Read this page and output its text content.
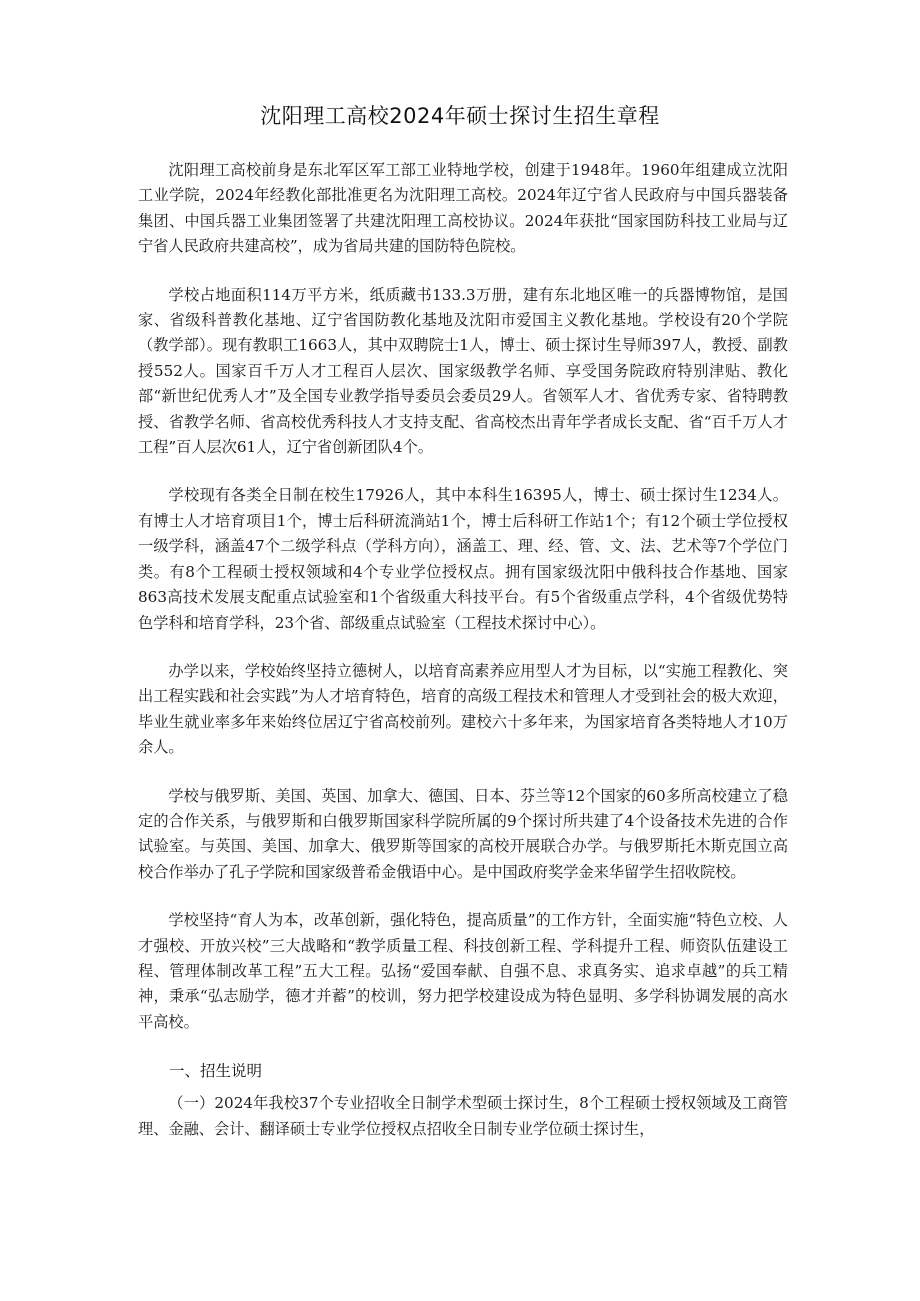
沈阳理工高校2024年硕士探讨生招生章程

沈阳理工高校前身是东北军区军工部工业特地学校，创建于1948年。1960年组建成立沈阳工业学院，2024年经教化部批准更名为沈阳理工高校。2024年辽宁省人民政府与中国兵器装备集团、中国兵器工业集团签署了共建沈阳理工高校协议。2024年获批“国家国防科技工业局与辽宁省人民政府共建高校”，成为省局共建的国防特色院校。

学校占地面积114万平方米，纸质藏书133.3万册，建有东北地区唯一的兵器博物馆，是国家、省级科普教化基地、辽宁省国防教化基地及沈阳市爱国主义教化基地。学校设有20个学院（教学部）。现有教职工1663人，其中双聘院士1人，博士、硕士探讨生导师397人，教授、副教授552人。国家百千万人才工程百人层次、国家级教学名师、享受国务院政府特别津贴、教化部“新世纪优秀人才”及全国专业教学指导委员会委员29人。省领军人才、省优秀专家、省特聘教授、省教学名师、省高校优秀科技人才支持支配、省高校杰出青年学者成长支配、省“百千万人才工程”百人层次61人，辽宁省创新团队4个。

学校现有各类全日制在校生17926人，其中本科生16395人，博士、硕士探讨生1234人。有博士人才培育项目1个，博士后科研流淌站1个，博士后科研工作站1个；有12个硕士学位授权一级学科，涵盖47个二级学科点（学科方向），涵盖工、理、经、管、文、法、艺术等7个学位门类。有8个工程硕士授权领域和4个专业学位授权点。拥有国家级沈阳中俄科技合作基地、国家863高技术发展支配重点试验室和1个省级重大科技平台。有5个省级重点学科，4个省级优势特色学科和培育学科，23个省、部级重点试验室（工程技术探讨中心）。

办学以来，学校始终坚持立德树人，以培育高素养应用型人才为目标，以“实施工程教化、突出工程实践和社会实践”为人才培育特色，培育的高级工程技术和管理人才受到社会的极大欢迎，毕业生就业率多年来始终位居辽宁省高校前列。建校六十多年来，为国家培育各类特地人才10万余人。

学校与俄罗斯、美国、英国、加拿大、德国、日本、芬兰等12个国家的60多所高校建立了稳定的合作关系，与俄罗斯和白俄罗斯国家科学院所属的9个探讨所共建了4个设备技术先进的合作试验室。与英国、美国、加拿大、俄罗斯等国家的高校开展联合办学。与俄罗斯托木斯克国立高校合作举办了孔子学院和国家级普希金俄语中心。是中国政府奖学金来华留学生招收院校。

学校坚持“育人为本，改革创新，强化特色，提高质量”的工作方针，全面实施“特色立校、人才强校、开放兴校”三大战略和“教学质量工程、科技创新工程、学科提升工程、师资队伍建设工程、管理体制改革工程”五大工程。弘扬“爱国奉献、自强不息、求真务实、追求卓越”的兵工精神，秉承“弘志励学，德才并蓄”的校训，努力把学校建设成为特色显明、多学科协调发展的高水平高校。

一、招生说明

（一）2024年我校37个专业招收全日制学术型硕士探讨生，8个工程硕士授权领域及工商管理、金融、会计、翻译硕士专业学位授权点招收全日制专业学位硕士探讨生，
